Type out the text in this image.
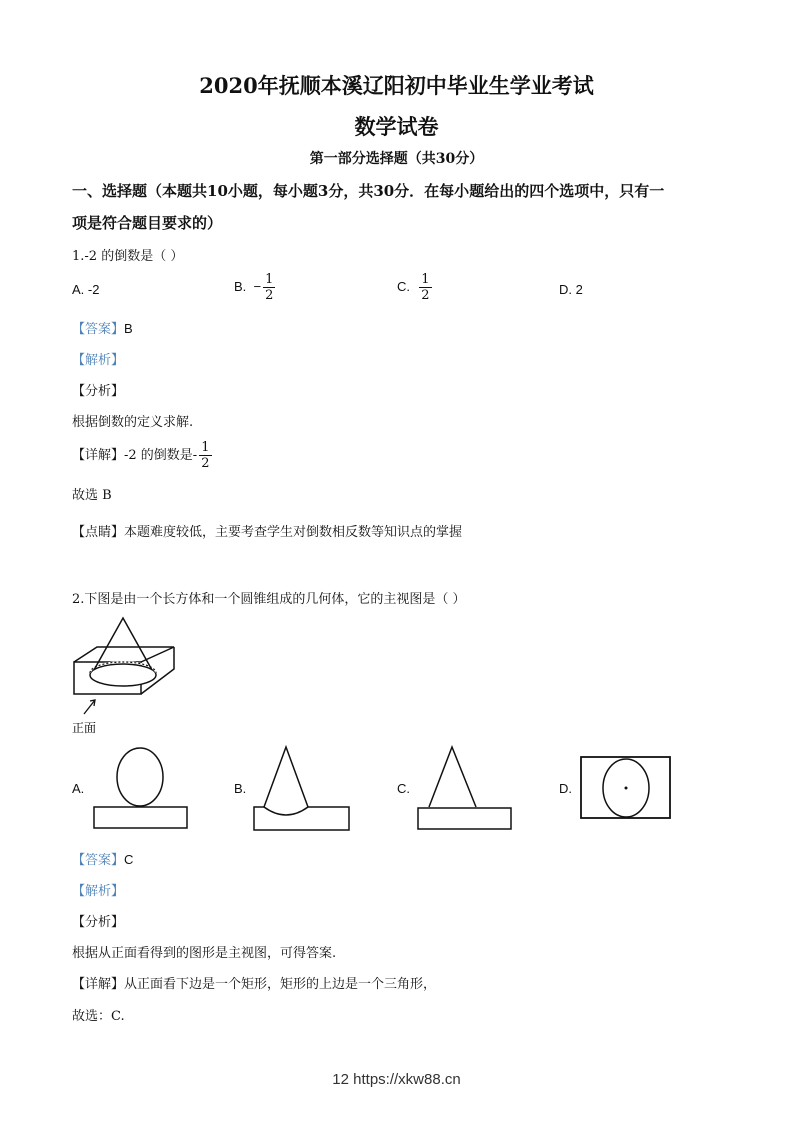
2020年抚顺本溪辽阳初中毕业生学业考试
数学试卷
第一部分选择题（共30分）
一、选择题（本题共10小题，每小题3分，共30分．在每小题给出的四个选项中，只有一
项是符合题目要求的）
1.-2 的倒数是（ ）
A. -2	B. − $\frac{1}{2}$	C. $\frac{1}{2}$	D. 2
【答案】B
【解析】
【分析】
根据倒数的定义求解.
【详解】-2 的倒数是- $\frac{1}{2}$
故选 B
【点睛】本题难度较低，主要考查学生对倒数相反数等知识点的掌握
2.下图是由一个长方体和一个圆锥组成的几何体，它的主视图是（ ）
正面
A.	B.	C.	D.
【答案】C
【解析】
【分析】
根据从正面看得到的图形是主视图，可得答案.
【详解】从正面看下边是一个矩形，矩形的上边是一个三角形，
故选：C.
12 https://xkw88.cn
